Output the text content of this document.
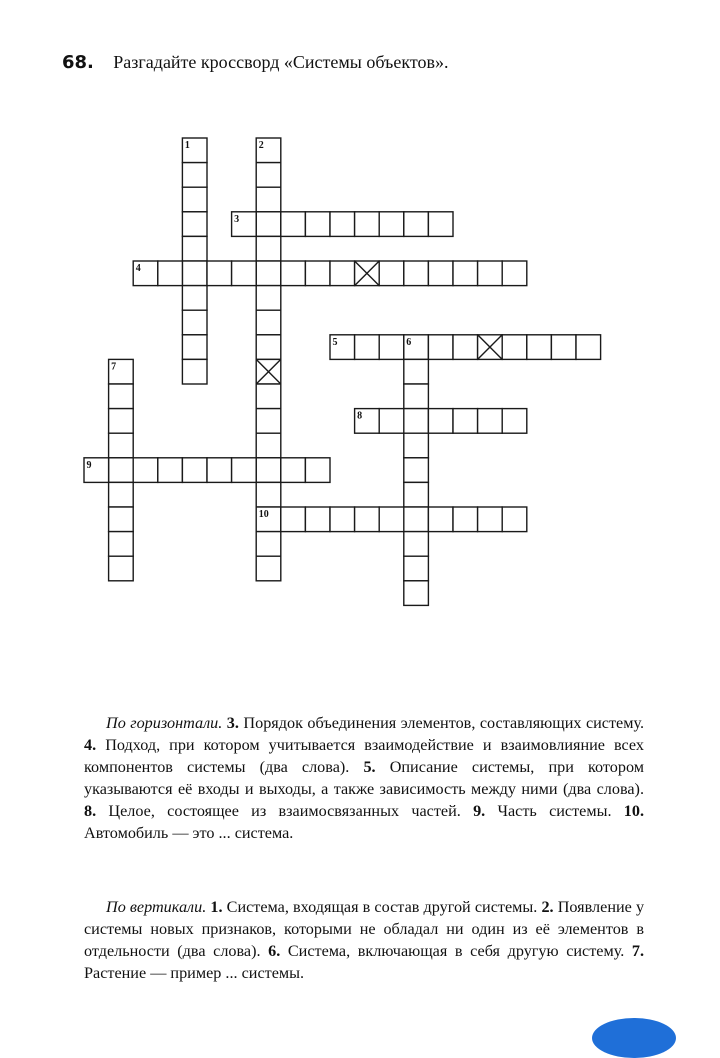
68. Разгадайте кроссворд «Системы объектов».
1	2
3
4
5	6
7
8
9
10

По горизонтали. 3. Порядок объединения элементов, составляющих систему. 4. Подход, при котором учитывается взаимодействие и взаимовлияние всех компонентов системы (два слова). 5. Описание системы, при котором указываются её входы и выходы, а также зависимость между ними (два слова). 8. Целое, состоящее из взаимосвязанных частей. 9. Часть системы. 10. Автомобиль — это ... система.

По вертикали. 1. Система, входящая в состав другой системы. 2. Появление у системы новых признаков, которыми не обладал ни один из её элементов в отдельности (два слова). 6. Система, включающая в себя другую систему. 7. Растение — пример ... системы.
